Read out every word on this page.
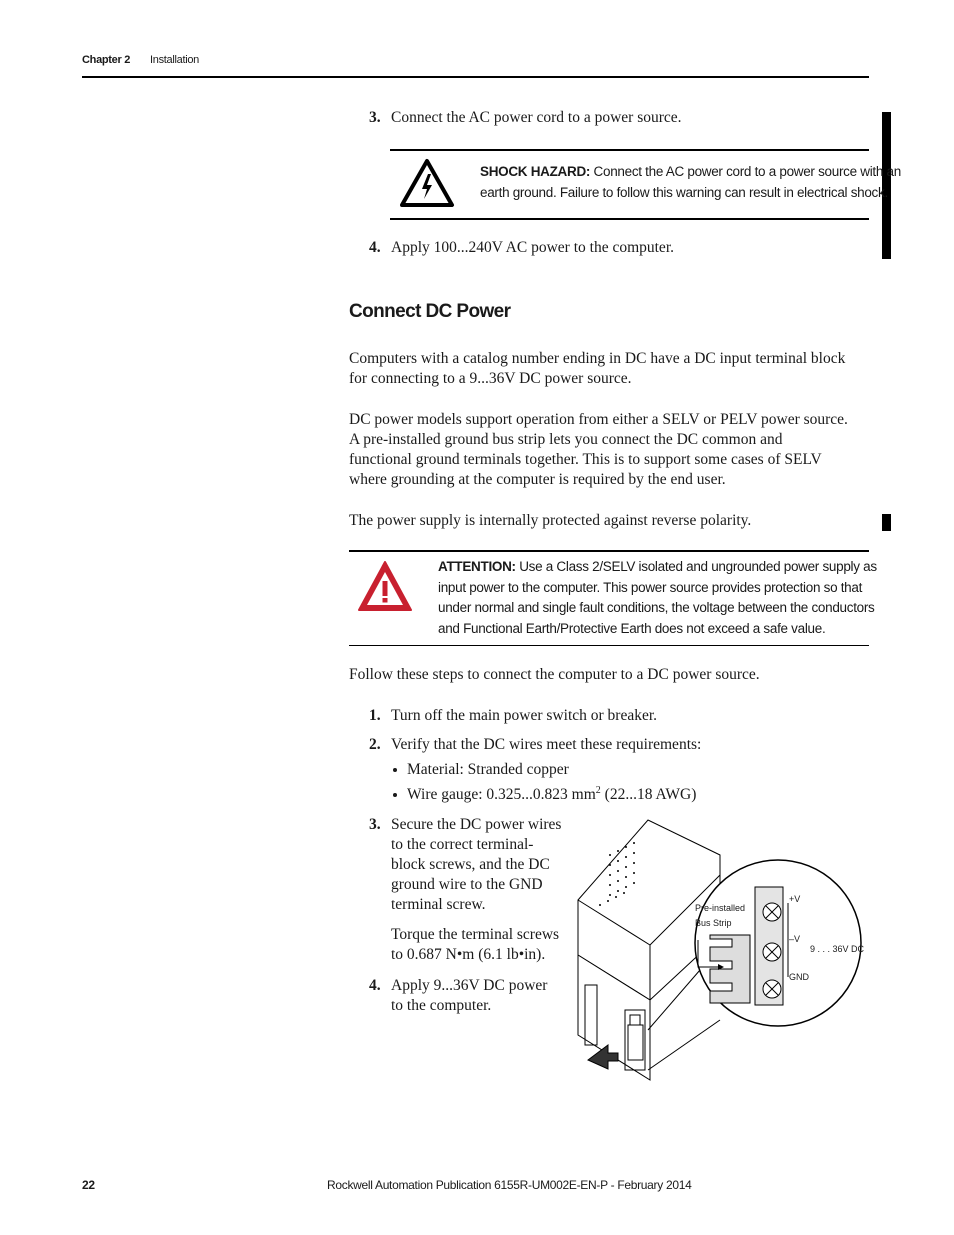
Chapter 2 Installation
3. Connect the AC power cord to a power source.
SHOCK HAZARD: Connect the AC power cord to a power source with an
earth ground. Failure to follow this warning can result in electrical shock.
4. Apply 100...240V AC power to the computer.
Connect DC Power
Computers with a catalog number ending in DC have a DC input terminal block
for connecting to a 9...36V DC power source.
DC power models support operation from either a SELV or PELV power source.
A pre-installed ground bus strip lets you connect the DC common and
functional ground terminals together. This is to support some cases of SELV
where grounding at the computer is required by the end user.
The power supply is internally protected against reverse polarity.
ATTENTION: Use a Class 2/SELV isolated and ungrounded power supply as
input power to the computer. This power source provides protection so that
under normal and single fault conditions, the voltage between the conductors
and Functional Earth/Protective Earth does not exceed a safe value.
Follow these steps to connect the computer to a DC power source.
1. Turn off the main power switch or breaker.
2. Verify that the DC wires meet these requirements:
Material: Stranded copper
Wire gauge: 0.325...0.823 $mm^2$ (22...18 AWG)
3. Secure the DC power wires
to the correct terminal-
block screws, and the DC
ground wire to the GND
terminal screw.
Torque the terminal screws
to 0.687 N•m (6.1 lb•in).
4. Apply 9...36V DC power
to the computer.
Pre-installed
Bus Strip
+V
–V
9 . . . 36V DC
GND
22	Rockwell Automation Publication 6155R-UM002E-EN-P - February 2014
